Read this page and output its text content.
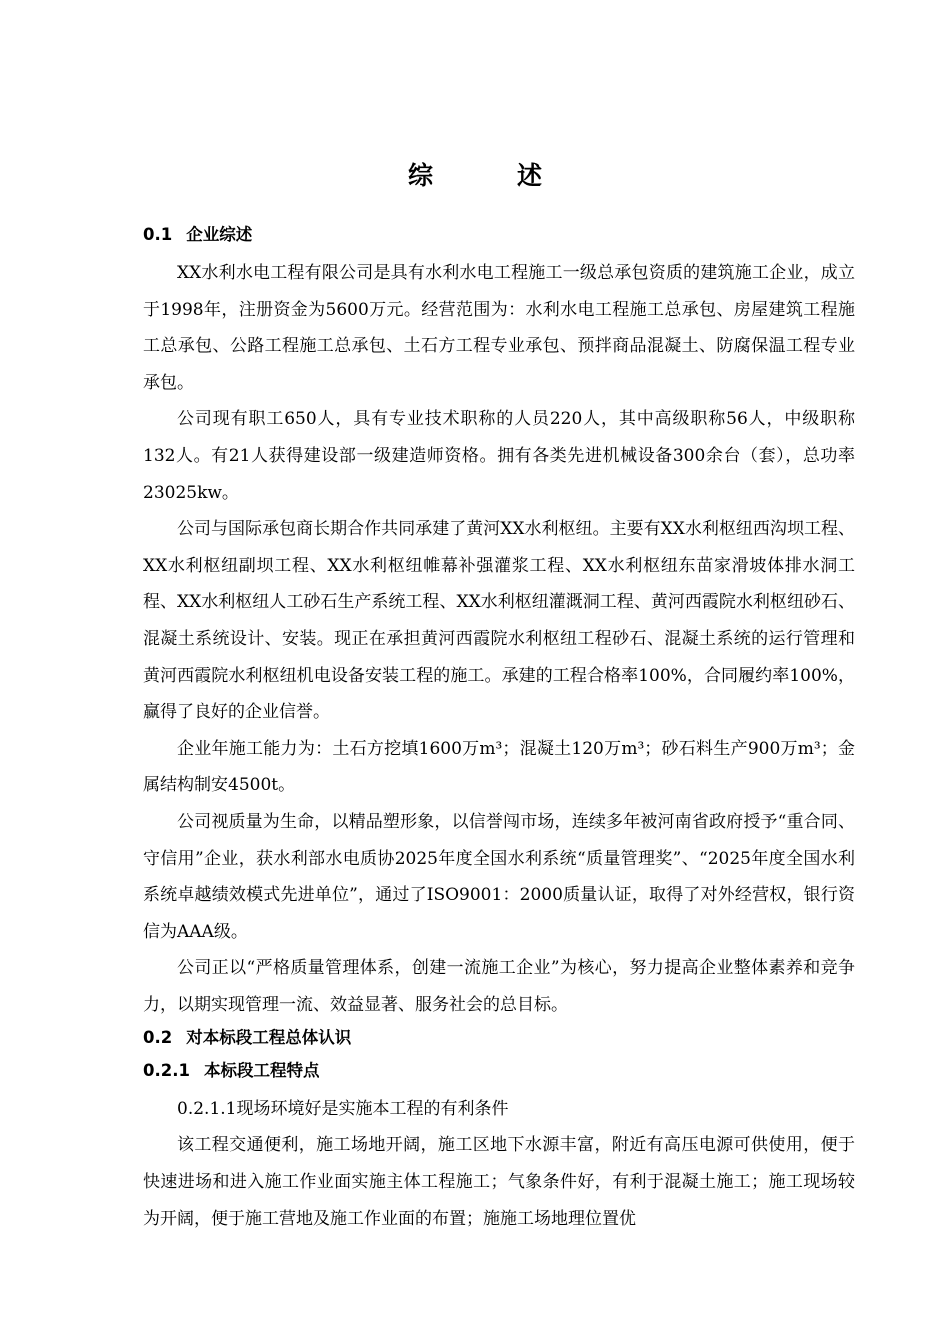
综	述
0.1 企业综述

XX水利水电工程有限公司是具有水利水电工程施工一级总承包资质的建筑施工企业，成立于1998年，注册资金为5600万元。经营范围为：水利水电工程施工总承包、房屋建筑工程施工总承包、公路工程施工总承包、土石方工程专业承包、预拌商品混凝土、防腐保温工程专业承包。

公司现有职工650人，具有专业技术职称的人员220人，其中高级职称56人，中级职称132人。有21人获得建设部一级建造师资格。拥有各类先进机械设备300余台（套），总功率23025kw。

公司与国际承包商长期合作共同承建了黄河XX水利枢纽。主要有XX水利枢纽西沟坝工程、XX水利枢纽副坝工程、XX水利枢纽帷幕补强灌浆工程、XX水利枢纽东苗家滑坡体排水洞工程、XX水利枢纽人工砂石生产系统工程、XX水利枢纽灌溉洞工程、黄河西霞院水利枢纽砂石、混凝土系统设计、安装。现正在承担黄河西霞院水利枢纽工程砂石、混凝土系统的运行管理和黄河西霞院水利枢纽机电设备安装工程的施工。承建的工程合格率100%，合同履约率100%，赢得了良好的企业信誉。

企业年施工能力为：土石方挖填1600万m³；混凝土120万m³；砂石料生产900万m³；金属结构制安4500t。

公司视质量为生命，以精品塑形象，以信誉闯市场，连续多年被河南省政府授予“重合同、守信用”企业，获水利部水电质协2025年度全国水利系统“质量管理奖”、“2025年度全国水利系统卓越绩效模式先进单位”，通过了ISO9001：2000质量认证，取得了对外经营权，银行资信为AAA级。

公司正以“严格质量管理体系，创建一流施工企业”为核心，努力提高企业整体素养和竞争力，以期实现管理一流、效益显著、服务社会的总目标。

0.2 对本标段工程总体认识
0.2.1 本标段工程特点

0.2.1.1现场环境好是实施本工程的有利条件

该工程交通便利，施工场地开阔，施工区地下水源丰富，附近有高压电源可供使用，便于快速进场和进入施工作业面实施主体工程施工；气象条件好，有利于混凝土施工；施工现场较为开阔，便于施工营地及施工作业面的布置；施施工场地理位置优
